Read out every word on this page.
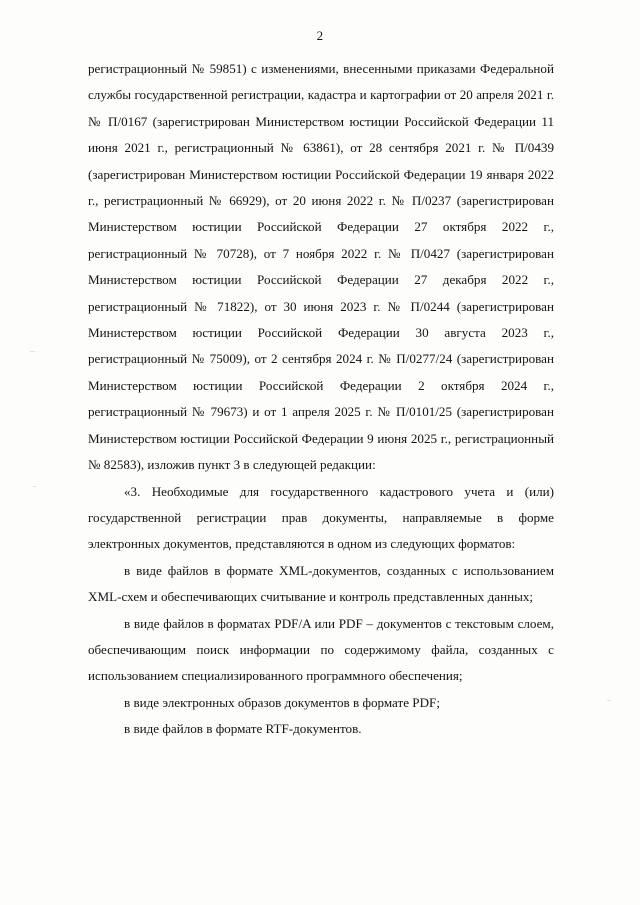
2

регистрационный № 59851) с изменениями, внесенными приказами Федеральной службы государственной регистрации, кадастра и картографии от 20 апреля 2021 г. № П/0167 (зарегистрирован Министерством юстиции Российской Федерации 11 июня 2021 г., регистрационный № 63861), от 28 сентября 2021 г. № П/0439 (зарегистрирован Министерством юстиции Российской Федерации 19 января 2022 г., регистрационный № 66929), от 20 июня 2022 г. № П/0237 (зарегистрирован Министерством юстиции Российской Федерации 27 октября 2022 г., регистрационный № 70728), от 7 ноября 2022 г. № П/0427 (зарегистрирован Министерством юстиции Российской Федерации 27 декабря 2022 г., регистрационный № 71822), от 30 июня 2023 г. № П/0244 (зарегистрирован Министерством юстиции Российской Федерации 30 августа 2023 г., регистрационный № 75009), от 2 сентября 2024 г. № П/0277/24 (зарегистрирован Министерством юстиции Российской Федерации 2 октября 2024 г., регистрационный № 79673) и от 1 апреля 2025 г. № П/0101/25 (зарегистрирован Министерством юстиции Российской Федерации 9 июня 2025 г., регистрационный № 82583), изложив пункт 3 в следующей редакции:

«3. Необходимые для государственного кадастрового учета и (или) государственной регистрации прав документы, направляемые в форме электронных документов, представляются в одном из следующих форматов:

в виде файлов в формате XML-документов, созданных с использованием XML-схем и обеспечивающих считывание и контроль представленных данных;

в виде файлов в форматах PDF/A или PDF – документов с текстовым слоем, обеспечивающим поиск информации по содержимому файла, созданных с использованием специализированного программного обеспечения;

в виде электронных образов документов в формате PDF;

в виде файлов в формате RTF-документов.
